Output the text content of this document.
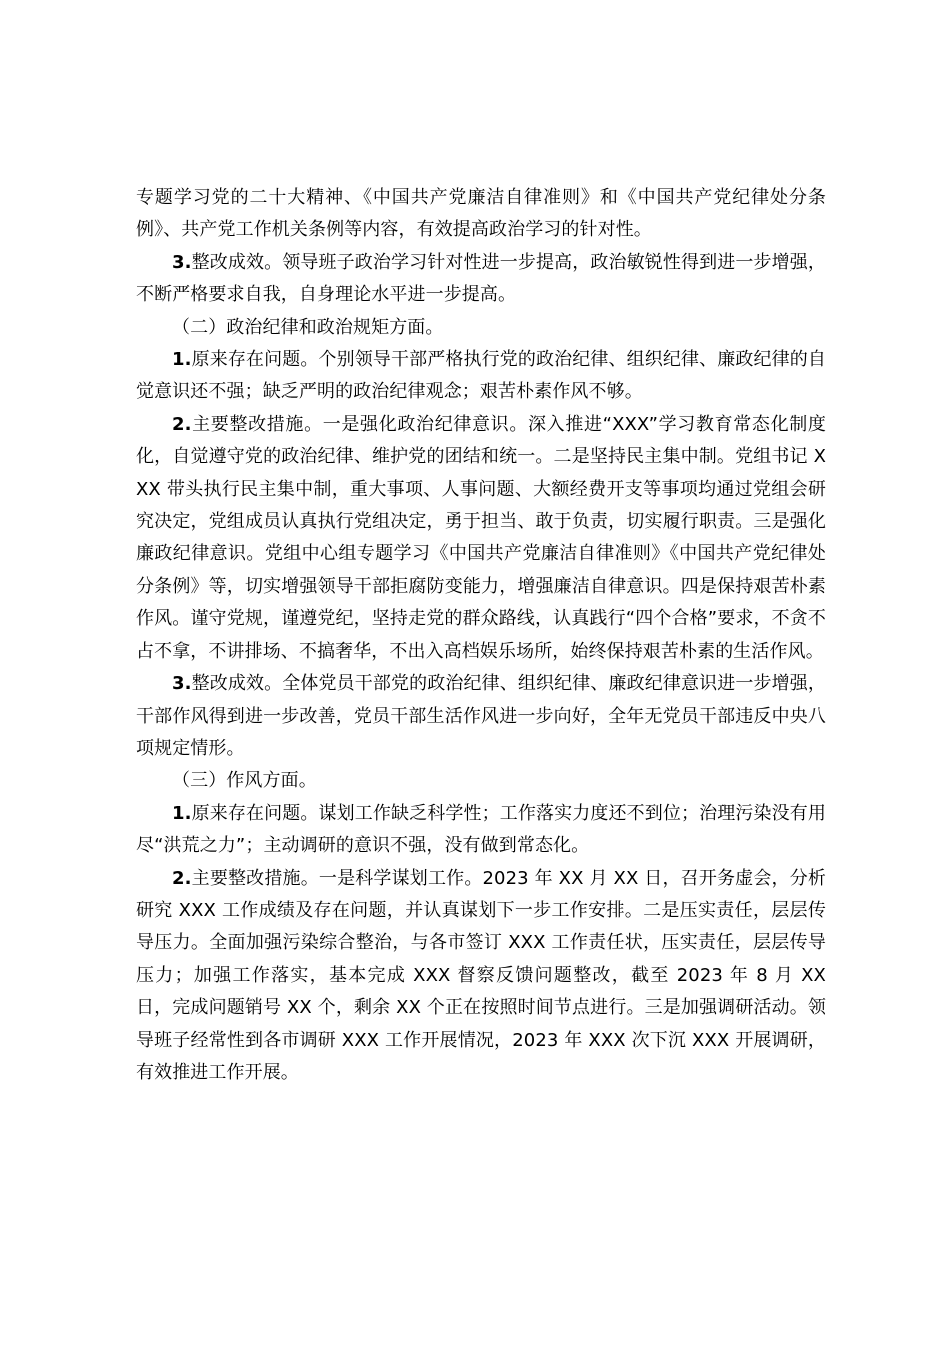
专题学习党的二十大精神、《中国共产党廉洁自律准则》和《中国共产党纪律处分条例》、共产党工作机关条例等内容，有效提高政治学习的针对性。

3.整改成效。领导班子政治学习针对性进一步提高，政治敏锐性得到进一步增强，不断严格要求自我，自身理论水平进一步提高。

（二）政治纪律和政治规矩方面。

1.原来存在问题。个别领导干部严格执行党的政治纪律、组织纪律、廉政纪律的自觉意识还不强；缺乏严明的政治纪律观念；艰苦朴素作风不够。

2.主要整改措施。一是强化政治纪律意识。深入推进“XXX”学习教育常态化制度化，自觉遵守党的政治纪律、维护党的团结和统一。二是坚持民主集中制。党组书记 XXX 带头执行民主集中制，重大事项、人事问题、大额经费开支等事项均通过党组会研究决定，党组成员认真执行党组决定，勇于担当、敢于负责，切实履行职责。三是强化廉政纪律意识。党组中心组专题学习《中国共产党廉洁自律准则》《中国共产党纪律处分条例》等，切实增强领导干部拒腐防变能力，增强廉洁自律意识。四是保持艰苦朴素作风。谨守党规，谨遵党纪，坚持走党的群众路线，认真践行“四个合格”要求，不贪不占不拿，不讲排场、不搞奢华，不出入高档娱乐场所，始终保持艰苦朴素的生活作风。

3.整改成效。全体党员干部党的政治纪律、组织纪律、廉政纪律意识进一步增强，干部作风得到进一步改善，党员干部生活作风进一步向好，全年无党员干部违反中央八项规定情形。

（三）作风方面。

1.原来存在问题。谋划工作缺乏科学性；工作落实力度还不到位；治理污染没有用尽“洪荒之力”；主动调研的意识不强，没有做到常态化。

2.主要整改措施。一是科学谋划工作。2023 年 XX 月 XX 日，召开务虚会，分析研究 XXX 工作成绩及存在问题，并认真谋划下一步工作安排。二是压实责任，层层传导压力。全面加强污染综合整治，与各市签订 XXX 工作责任状，压实责任，层层传导压力；加强工作落实，基本完成 XXX 督察反馈问题整改，截至 2023 年 8 月 XX 日，完成问题销号 XX 个，剩余 XX 个正在按照时间节点进行。三是加强调研活动。领导班子经常性到各市调研 XXX 工作开展情况，2023 年 XXX 次下沉 XXX 开展调研，有效推进工作开展。
